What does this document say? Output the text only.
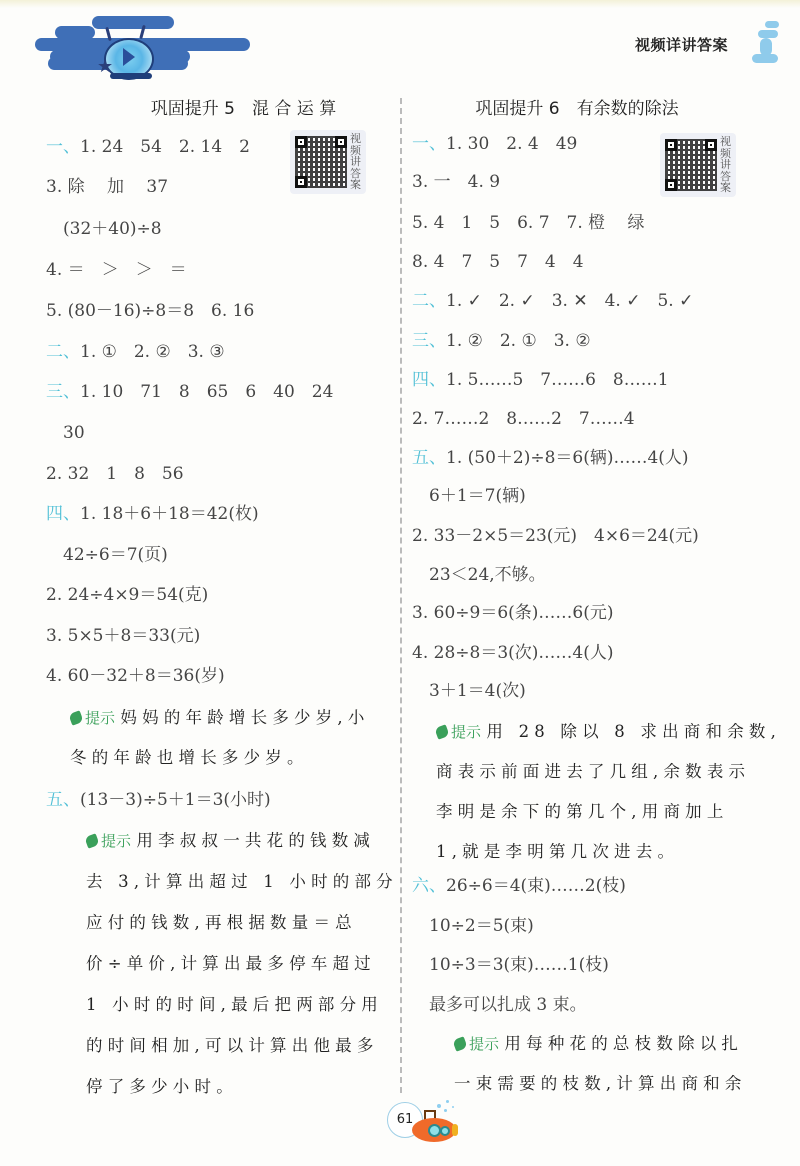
★
视频详讲答案
巩固提升 5　混 合 运 算
视
频
讲
答
案
一、1. 24　54　2. 14　2
3. 除　 加　 37
　(32＋40)÷8
4. ＝　＞　＞　＝
5. (80－16)÷8＝8　6. 16
二、1. ①　2. ②　3. ③
三、1. 10　71　8　65　6　40　24
　30
2. 32　1　8　56
四、1. 18＋6＋18＝42(枚)
　42÷6＝7(页)
2. 24÷4×9＝54(克)
3. 5×5＋8＝33(元)
4. 60－32＋8＝36(岁)
提示 妈妈的年龄增长多少岁,小
冬的年龄也增长多少岁。
五、(13－3)÷5＋1＝3(小时)
提示 用李叔叔一共花的钱数减
去 3,计算出超过 1 小时的部分
应付的钱数,再根据数量＝总
价÷单价,计算出最多停车超过
1 小时的时间,最后把两部分用
的时间相加,可以计算出他最多
停了多少小时。
巩固提升 6　有余数的除法
视
频
讲
答
案
一、1. 30　2. 4　49
3. 一　4. 9
5. 4　1　5　6. 7　7. 橙　 绿
8. 4　7　5　7　4　4
二、1. ✓　2. ✓　3. ✕　4. ✓　5. ✓
三、1. ②　2. ①　3. ②
四、1. 5……5　7……6　8……1
2. 7……2　8……2　7……4
五、1. (50＋2)÷8＝6(辆)……4(人)
　6＋1＝7(辆)
2. 33－2×5＝23(元)　4×6＝24(元)
　23＜24,不够。
3. 60÷9＝6(条)……6(元)
4. 28÷8＝3(次)……4(人)
　3＋1＝4(次)
提示 用 28 除以 8 求出商和余数,
商表示前面进去了几组,余数表示
李明是余下的第几个,用商加上
1,就是李明第几次进去。
六、26÷6＝4(束)……2(枝)
　10÷2＝5(束)
　10÷3＝3(束)……1(枝)
　最多可以扎成 3 束。
提示 用每种花的总枝数除以扎
一束需要的枝数,计算出商和余
61
